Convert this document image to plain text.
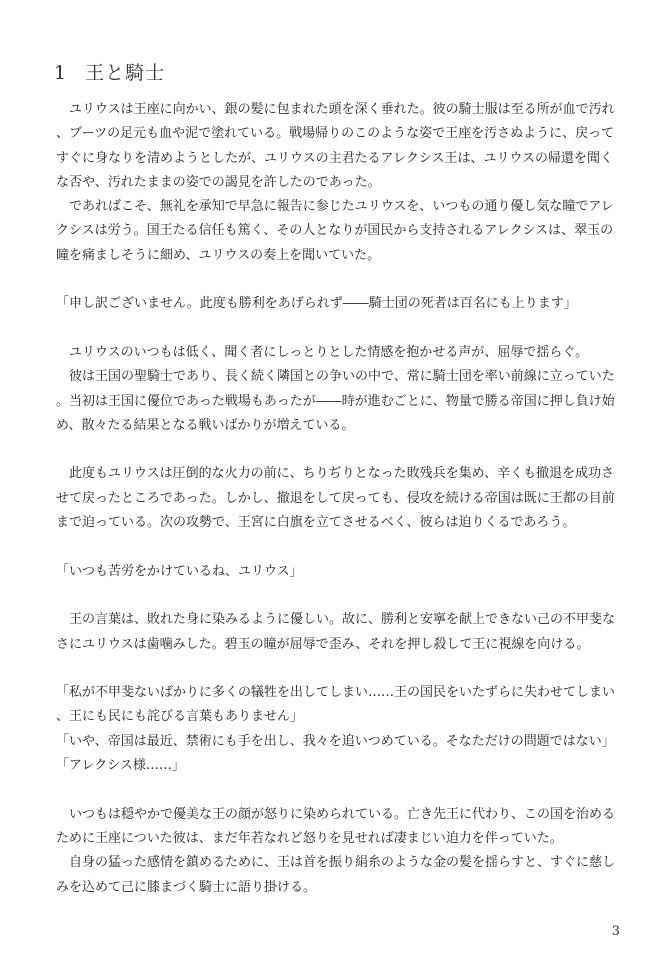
1 王と騎士

ユリウスは王座に向かい、銀の髪に包まれた頭を深く垂れた。彼の騎士服は至る所が血で汚れ、ブーツの足元も血や泥で塗れている。戦場帰りのこのような姿で王座を汚さぬように、戻ってすぐに身なりを清めようとしたが、ユリウスの主君たるアレクシス王は、ユリウスの帰還を聞くな否や、汚れたままの姿での謁見を許したのであった。

であればこそ、無礼を承知で早急に報告に参じたユリウスを、いつもの通り優し気な瞳でアレクシスは労う。国王たる信任も篤く、その人となりが国民から支持されるアレクシスは、翠玉の瞳を痛ましそうに細め、ユリウスの奏上を聞いていた。

「申し訳ございません。此度も勝利をあげられず――騎士団の死者は百名にも上ります」

ユリウスのいつもは低く、聞く者にしっとりとした情感を抱かせる声が、屈辱で揺らぐ。

彼は王国の聖騎士であり、長く続く隣国との争いの中で、常に騎士団を率い前線に立っていた。当初は王国に優位であった戦場もあったが――時が進むごとに、物量で勝る帝国に押し負け始め、散々たる結果となる戦いばかりが増えている。

此度もユリウスは圧倒的な火力の前に、ちりぢりとなった敗残兵を集め、辛くも撤退を成功させて戻ったところであった。しかし、撤退をして戻っても、侵攻を続ける帝国は既に王都の目前まで迫っている。次の攻勢で、王宮に白旗を立てさせるべく、彼らは迫りくるであろう。

「いつも苦労をかけているね、ユリウス」

王の言葉は、敗れた身に染みるように優しい。故に、勝利と安寧を献上できない己の不甲斐なさにユリウスは歯噛みした。碧玉の瞳が屈辱で歪み、それを押し殺して王に視線を向ける。

「私が不甲斐ないばかりに多くの犠牲を出してしまい……王の国民をいたずらに失わせてしまい、王にも民にも詫びる言葉もありません」

「いや、帝国は最近、禁術にも手を出し、我々を追いつめている。そなただけの問題ではない」

「アレクシス様……」

いつもは穏やかで優美な王の顔が怒りに染められている。亡き先王に代わり、この国を治めるために王座についた彼は、まだ年若なれど怒りを見せれば凄まじい迫力を伴っていた。

自身の猛った感情を鎮めるために、王は首を振り絹糸のような金の髪を揺らすと、すぐに慈しみを込めて己に膝まづく騎士に語り掛ける。

3
